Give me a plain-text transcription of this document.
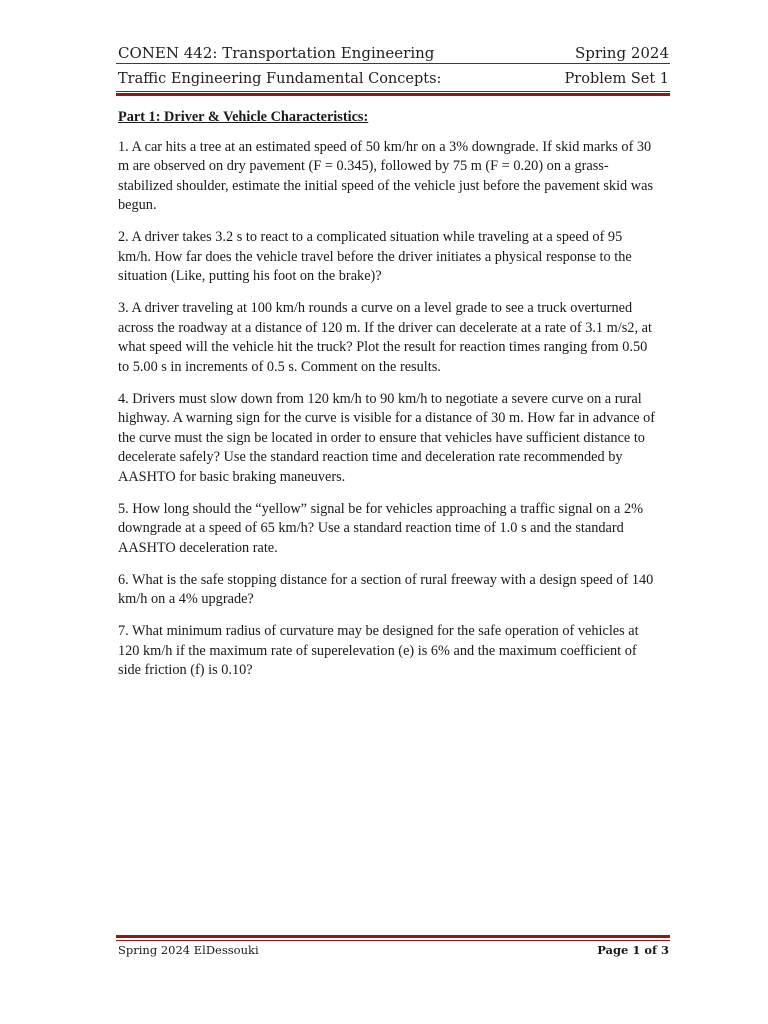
CONEN 442: Transportation Engineering	Spring 2024
Traffic Engineering Fundamental Concepts:	Problem Set 1

Part 1: Driver & Vehicle Characteristics:

1. A car hits a tree at an estimated speed of 50 km/hr on a 3% downgrade. If skid marks of 30 m are observed on dry pavement (F = 0.345), followed by 75 m (F = 0.20) on a grass-stabilized shoulder, estimate the initial speed of the vehicle just before the pavement skid was begun.

2. A driver takes 3.2 s to react to a complicated situation while traveling at a speed of 95 km/h. How far does the vehicle travel before the driver initiates a physical response to the situation (Like, putting his foot on the brake)?

3. A driver traveling at 100 km/h rounds a curve on a level grade to see a truck overturned across the roadway at a distance of 120 m. If the driver can decelerate at a rate of 3.1 m/s2, at what speed will the vehicle hit the truck? Plot the result for reaction times ranging from 0.50 to 5.00 s in increments of 0.5 s. Comment on the results.

4. Drivers must slow down from 120 km/h to 90 km/h to negotiate a severe curve on a rural highway. A warning sign for the curve is visible for a distance of 30 m. How far in advance of the curve must the sign be located in order to ensure that vehicles have sufficient distance to decelerate safely? Use the standard reaction time and deceleration rate recommended by AASHTO for basic braking maneuvers.

5. How long should the “yellow” signal be for vehicles approaching a traffic signal on a 2% downgrade at a speed of 65 km/h? Use a standard reaction time of 1.0 s and the standard AASHTO deceleration rate.

6. What is the safe stopping distance for a section of rural freeway with a design speed of 140 km/h on a 4% upgrade?

7. What minimum radius of curvature may be designed for the safe operation of vehicles at 120 km/h if the maximum rate of superelevation (e) is 6% and the maximum coefficient of side friction (f) is 0.10?

Spring 2024 ElDessouki	Page 1 of 3
